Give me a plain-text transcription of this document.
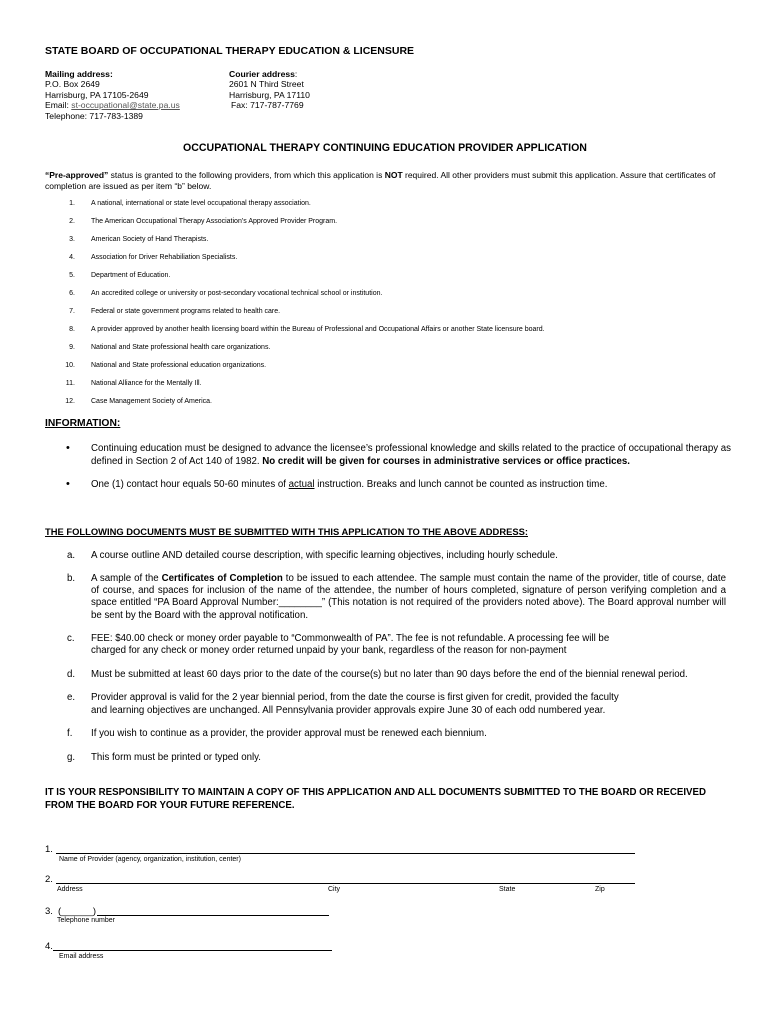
STATE BOARD OF OCCUPATIONAL THERAPY EDUCATION & LICENSURE
Mailing address:
P.O. Box 2649
Harrisburg, PA 17105-2649
Email: st-occupational@state.pa.us
Telephone: 717-783-1389
Courier address:
2601 N Third Street
Harrisburg, PA 17110
Fax: 717-787-7769
OCCUPATIONAL THERAPY CONTINUING EDUCATION PROVIDER APPLICATION
“Pre-approved” status is granted to the following providers, from which this application is NOT required. All other providers must submit this application. Assure that certificates of completion are issued as per item “b” below.
1. A national, international or state level occupational therapy association.
2. The American Occupational Therapy Association’s Approved Provider Program.
3. American Society of Hand Therapists.
4. Association for Driver Rehabiliation Specialists.
5. Department of Education.
6. An accredited college or university or post-secondary vocational technical school or institution.
7. Federal or state government programs related to health care.
8. A provider approved by another health licensing board within the Bureau of Professional and Occupational Affairs or another State licensure board.
9. National and State professional health care organizations.
10. National and State professional education organizations.
11. National Alliance for the Mentally Ill.
12. Case Management Society of America.
INFORMATION:
• Continuing education must be designed to advance the licensee’s professional knowledge and skills related to the practice of occupational therapy as defined in Section 2 of Act 140 of 1982. No credit will be given for courses in administrative services or office practices.
• One (1) contact hour equals 50-60 minutes of actual instruction. Breaks and lunch cannot be counted as instruction time.
THE FOLLOWING DOCUMENTS MUST BE SUBMITTED WITH THIS APPLICATION TO THE ABOVE ADDRESS:
a. A course outline AND detailed course description, with specific learning objectives, including hourly schedule.
b. A sample of the Certificates of Completion to be issued to each attendee. The sample must contain the name of the provider, title of course, date of course, and spaces for inclusion of the name of the attendee, the number of hours completed, signature of person verifying completion and a space entitled “PA Board Approval Number:________” (This notation is not required of the providers noted above). The Board approval number will be sent by the Board with the approval notification.
c. FEE: $40.00 check or money order payable to “Commonwealth of PA”. The fee is not refundable. A processing fee will be
charged for any check or money order returned unpaid by your bank, regardless of the reason for non-payment
d. Must be submitted at least 60 days prior to the date of the course(s) but no later than 90 days before the end of the biennial renewal period.
e. Provider approval is valid for the 2 year biennial period, from the date the course is first given for credit, provided the faculty
and learning objectives are unchanged. All Pennsylvania provider approvals expire June 30 of each odd numbered year.
f. If you wish to continue as a provider, the provider approval must be renewed each biennium.
g. This form must be printed or typed only.
IT IS YOUR RESPONSIBILITY TO MAINTAIN A COPY OF THIS APPLICATION AND ALL DOCUMENTS SUBMITTED TO THE BOARD OR RECEIVED FROM THE BOARD FOR YOUR FUTURE REFERENCE.
1.
Name of Provider (agency, organization, institution, center)
2.
Address	City	State	Zip
3. (______)
Telephone number
4.
Email address
